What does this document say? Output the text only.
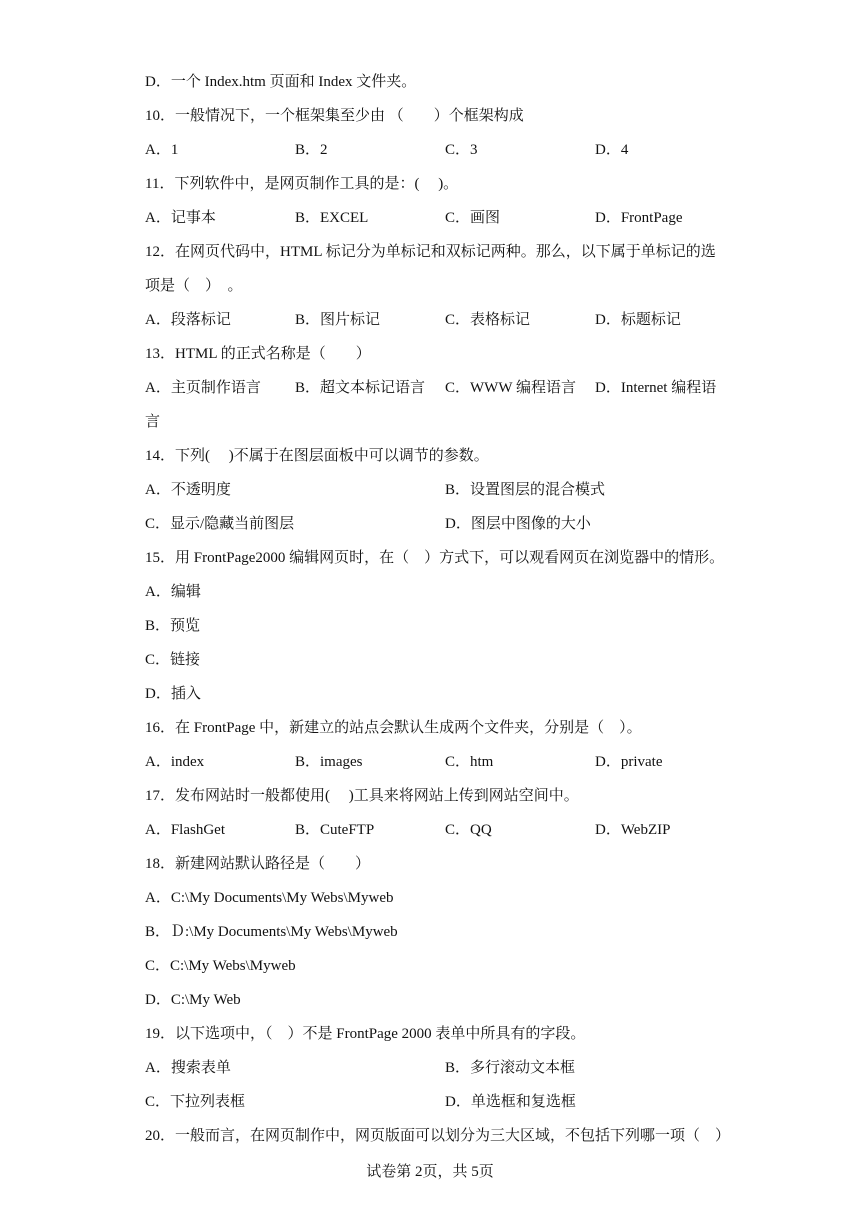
D．一个 Index.htm 页面和 Index 文件夹。
10．一般情况下，一个框架集至少由 （　　）个框架构成
A．1	B．2	C．3	D．4
11．下列软件中，是网页制作工具的是：(　 )。
A．记事本	B．EXCEL	C．画图	D．FrontPage
12．在网页代码中，HTML 标记分为单标记和双标记两种。那么，以下属于单标记的选
项是（　）　。
A．段落标记	B．图片标记	C．表格标记	D．标题标记
13．HTML 的正式名称是（　　）
A．主页制作语言 B．超文本标记语言 C．WWW 编程语言 D．Internet 编程语
言
14．下列(　 )不属于在图层面板中可以调节的参数。
A．不透明度	B．设置图层的混合模式
C．显示/隐藏当前图层	D．图层中图像的大小
15．用 FrontPage2000 编辑网页时，在（　）方式下，可以观看网页在浏览器中的情形。
A．编辑
B．预览
C．链接
D．插入
16．在 FrontPage 中，新建立的站点会默认生成两个文件夹，分别是（　）。
A．index	B．images	C．htm	D．private
17．发布网站时一般都使用(　 )工具来将网站上传到网站空间中。
A．FlashGet	B．CuteFTP	C．QQ	D．WebZIP
18．新建网站默认路径是（　　）
A．C:\My Documents\My Webs\Myweb
B．Ｄ:\My Documents\My Webs\Myweb
C．C:\My Webs\Myweb
D．C:\My Web
19．以下选项中，（　）不是 FrontPage 2000 表单中所具有的字段。
A．搜索表单	B．多行滚动文本框
C．下拉列表框	D．单选框和复选框
20．一般而言，在网页制作中，网页版面可以划分为三大区域，不包括下列哪一项（　）
试卷第 2页，共 5页
